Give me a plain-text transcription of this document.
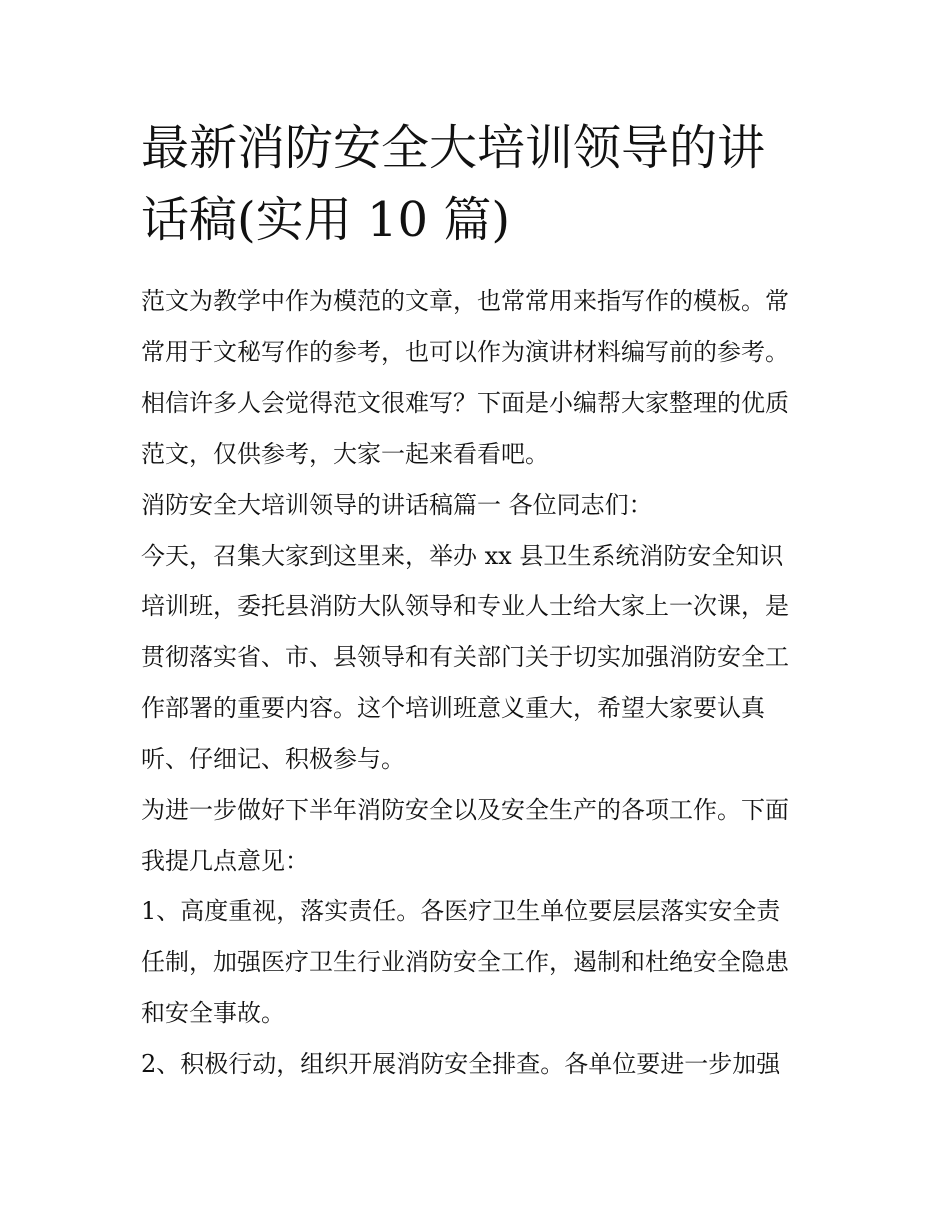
最新消防安全大培训领导的讲
话稿(实用 10 篇)

范文为教学中作为模范的文章，也常常用来指写作的模板。常

常用于文秘写作的参考，也可以作为演讲材料编写前的参考。

相信许多人会觉得范文很难写？下面是小编帮大家整理的优质

范文，仅供参考，大家一起来看看吧。

消防安全大培训领导的讲话稿篇一 各位同志们：

今天，召集大家到这里来，举办 xx 县卫生系统消防安全知识

培训班，委托县消防大队领导和专业人士给大家上一次课，是

贯彻落实省、市、县领导和有关部门关于切实加强消防安全工

作部署的重要内容。这个培训班意义重大，希望大家要认真

听、仔细记、积极参与。

为进一步做好下半年消防安全以及安全生产的各项工作。下面

我提几点意见：

1、高度重视，落实责任。各医疗卫生单位要层层落实安全责

任制，加强医疗卫生行业消防安全工作，遏制和杜绝安全隐患

和安全事故。

2、积极行动，组织开展消防安全排查。各单位要进一步加强
